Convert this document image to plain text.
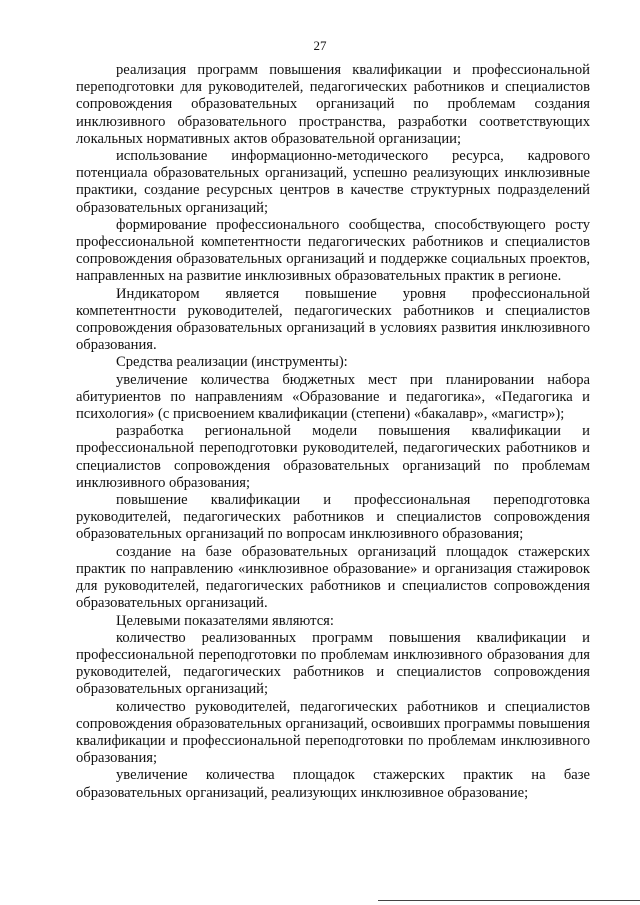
27

реализация программ повышения квалификации и профессиональной переподготовки для руководителей, педагогических работников и специалистов сопровождения образовательных организаций по проблемам создания инклюзивного образовательного пространства, разработки соответствующих локальных нормативных актов образовательной организации;

использование информационно-методического ресурса, кадрового потенциала образовательных организаций, успешно реализующих инклюзивные практики, создание ресурсных центров в качестве структурных подразделений образовательных организаций;

формирование профессионального сообщества, способствующего росту профессиональной компетентности педагогических работников и специалистов сопровождения образовательных организаций и поддержке социальных проектов, направленных на развитие инклюзивных образовательных практик в регионе.

Индикатором является повышение уровня профессиональной компетентности руководителей, педагогических работников и специалистов сопровождения образовательных организаций в условиях развития инклюзивного образования.

Средства реализации (инструменты):

увеличение количества бюджетных мест при планировании набора абитуриентов по направлениям «Образование и педагогика», «Педагогика и психология» (с присвоением квалификации (степени) «бакалавр», «магистр»);

разработка региональной модели повышения квалификации и профессиональной переподготовки руководителей, педагогических работников и специалистов сопровождения образовательных организаций по проблемам инклюзивного образования;

повышение квалификации и профессиональная переподготовка руководителей, педагогических работников и специалистов сопровождения образовательных организаций по вопросам инклюзивного образования;

создание на базе образовательных организаций площадок стажерских практик по направлению «инклюзивное образование» и организация стажировок для руководителей, педагогических работников и специалистов сопровождения образовательных организаций.

Целевыми показателями являются:

количество реализованных программ повышения квалификации и профессиональной переподготовки по проблемам инклюзивного образования для руководителей, педагогических работников и специалистов сопровождения образовательных организаций;

количество руководителей, педагогических работников и специалистов сопровождения образовательных организаций, освоивших программы повышения квалификации и профессиональной переподготовки по проблемам инклюзивного образования;

увеличение количества площадок стажерских практик на базе образовательных организаций, реализующих инклюзивное образование;
